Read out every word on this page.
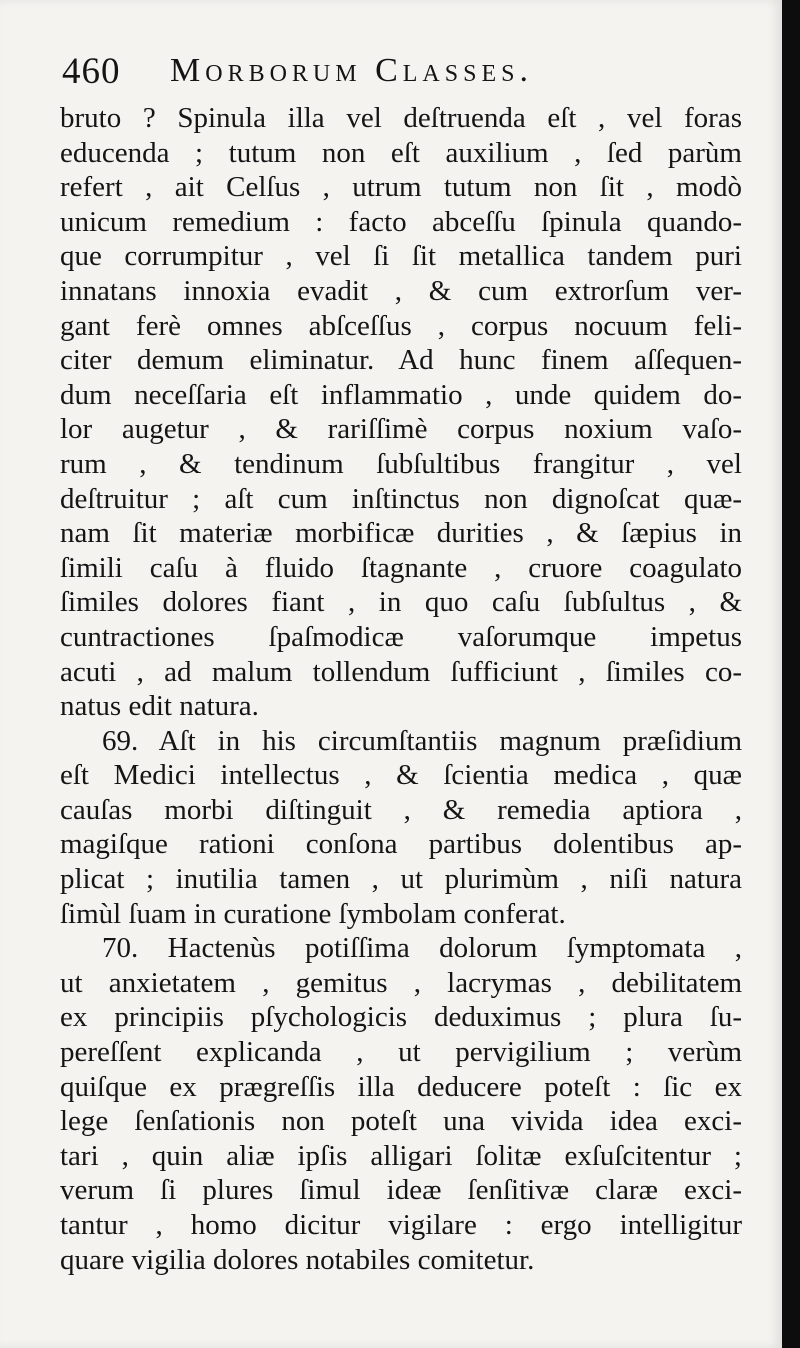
460 Morborum Classes.
bruto ? Spinula illa vel deſtruenda eſt , vel foras
educenda ; tutum non eſt auxilium , ſed parùm
refert , ait Celſus , utrum tutum non ſit , modò
unicum remedium : facto abceſſu ſpinula quando-
que corrumpitur , vel ſi ſit metallica tandem puri
innatans innoxia evadit , & cum extrorſum ver-
gant ferè omnes abſceſſus , corpus nocuum feli-
citer demum eliminatur. Ad hunc finem aſſequen-
dum neceſſaria eſt inflammatio , unde quidem do-
lor augetur , & rariſſimè corpus noxium vaſo-
rum , & tendinum ſubſultibus frangitur , vel
deſtruitur ; aſt cum inſtinctus non dignoſcat quæ-
nam ſit materiæ morbificæ durities , & ſæpius in
ſimili caſu à fluido ſtagnante , cruore coagulato
ſimiles dolores fiant , in quo caſu ſubſultus , &
cuntractiones ſpaſmodicæ vaſorumque impetus
acuti , ad malum tollendum ſufficiunt , ſimiles co-
natus edit natura.
69. Aſt in his circumſtantiis magnum præſidium
eſt Medici intellectus , & ſcientia medica , quæ
cauſas morbi diſtinguit , & remedia aptiora ,
magiſque rationi conſona partibus dolentibus ap-
plicat ; inutilia tamen , ut plurimùm , niſi natura
ſimùl ſuam in curatione ſymbolam conferat.
70. Hactenùs potiſſima dolorum ſymptomata ,
ut anxietatem , gemitus , lacrymas , debilitatem
ex principiis pſychologicis deduximus ; plura ſu-
pereſſent explicanda , ut pervigilium ; verùm
quiſque ex prægreſſis illa deducere poteſt : ſic ex
lege ſenſationis non poteſt una vivida idea exci-
tari , quin aliæ ipſis alligari ſolitæ exſuſcitentur ;
verum ſi plures ſimul ideæ ſenſitivæ claræ exci-
tantur , homo dicitur vigilare : ergo intelligitur
quare vigilia dolores notabiles comitetur.
